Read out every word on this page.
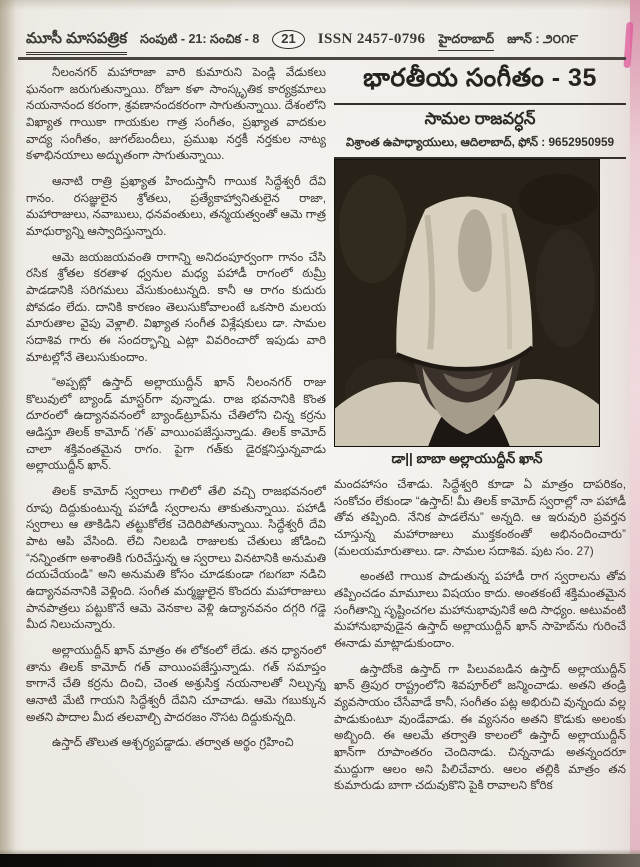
మూసీ మాసపత్రిక సంపుటి - 21: సంచిక - 8	21	ISSN 2457-0796 హైదరాబాద్ జూన్ : ౨౦౧౯

నీలంనగర్ మహారాజా వారి కుమారుని పెండ్లి వేడుకలు ఘనంగా జరుగుతున్నాయి. రోజూ కళా సాంస్కృతిక కార్యక్రమాలు నయనానంద కరంగా, శ్రవణానందకరంగా సాగుతున్నాయి. దేశంలోని విఖ్యాత గాయికా గాయకుల గాత్ర సంగీతం, ప్రఖ్యాత వాదకుల వాద్య సంగీతం, జుగల్‌బందీలు, ప్రముఖ నర్తకీ నర్తకుల నాట్య కళాభినయాలు అద్భుతంగా సాగుతున్నాయి.

ఆనాటి రాత్రి ప్రఖ్యాత హిందుస్తానీ గాయిక సిద్ధేశ్వరీ దేవి గానం. రసజ్ఞులైన శ్రోతలు, ప్రత్యేకాహ్వానితులైన రాజా, మహారాజులు, నవాబులు, ధనవంతులు, తన్మయత్వంతో ఆమె గాత్ర మాధుర్యాన్ని ఆస్వాదిస్తున్నారు.

ఆమె జయజయవంతి రాగాన్ని అనిదంపూర్వంగా గానం చేసి రసిక శ్రోతల కరతాళ ధ్వనుల మధ్య పహాడీ రాగంలో ఠుమ్రీ పాడడానికి సరిగమలు వేసుకుంటున్నది. కానీ ఆ రాగం కుదురు పోవడం లేదు. దానికి కారణం తెలుసుకోవాలంటే ఒకసారి మలయ మారుతాల వైపు వెళ్లాలి. విఖ్యాత సంగీత విశ్లేషకులు డా. సామల సదాశివ గారు ఈ సందర్భాన్ని ఎట్లా వివరించారో ఇపుడు వారి మాటల్లోనే తెలుసుకుందాం.

“అప్పట్లో ఉస్తాద్ అల్లాయుద్దీన్ ఖాన్ నీలంనగర్ రాజు కొలువులో బ్యాండ్ మాస్టర్‌గా వున్నాడు. రాజ భవనానికి కొంత దూరంలో ఉద్యానవనంలో బ్యాండ్‌ట్రూప్‌ను చేతిలోని చిన్న కర్రను ఆడిస్తూ తిలక్ కామోద్ ‘గత్’ వాయింపజేస్తున్నాడు. తిలక్ కామోద్ చాలా శక్తివంతమైన రాగం. పైగా గత్‌కు డైరక్షనిస్తున్నవాడు అల్లాయుద్దీన్ ఖాన్.

తిలక్ కామోద్ స్వరాలు గాలిలో తేలి వచ్చి రాజభవనంలో రూపు దిద్దుకుంటున్న పహాడీ స్వరాలను తాకుతున్నాయి. పహాడీ స్వరాలు ఆ తాకిడిని తట్టుకోలేక చెదిరిపోతున్నాయి. సిద్ధేశ్వరీ దేవి పాట ఆపి వేసింది. లేచి నిలబడి రాజులకు చేతులు జోడించి “నన్నింతగా అశాంతికి గురిచేస్తున్న ఆ స్వరాలు వినటానికి అనుమతి దయచేయండి” అని అనుమతి కోసం చూడకుండా గబగబా నడిచి ఉద్యానవనానికి వెళ్లింది. సంగీత మర్మజ్ఞులైన కొందరు మహారాజులు పానపాత్రలు పట్టుకొనే ఆమె వెనకాల వెళ్లి ఉద్యానవనం దగ్గరి గడ్డె మీద నిలుచున్నారు.

అల్లాయుద్దీన్ ఖాన్ మాత్రం ఈ లోకంలో లేడు. తన ధ్యానంలో తాను తిలక్ కామోద్ గత్ వాయింపజేస్తున్నాడు. గత్ సమాప్తం కాగానే చేతి కర్రను దించి, చెంత అశ్రుసిక్త నయనాలతో నిల్చున్న ఆనాటి మేటి గాయని సిద్ధేశ్వరీ దేవిని చూచాడు. ఆమె గబుక్కున అతని పాదాల మీద తలవాల్చి పాదరజం నొసట దిద్దుకున్నది.

ఉస్తాద్ తొలుత ఆశ్చర్యపడ్డాడు. తర్వాత అర్థం గ్రహించి

భారతీయ సంగీతం - 35
సామల రాజవర్ధన్
విశ్రాంత ఉపాధ్యాయులు, ఆదిలాబాద్, ఫోన్ : 9652950959
డా|| బాబా అల్లాయుద్దీన్ ఖాన్

మందహాసం చేశాడు. సిద్ధేశ్వరి కూడా ఏ మాత్రం దాపరికం, సంకోచం లేకుండా “ఉస్తాద్! మీ తిలక్ కామోద్ స్వరాల్లో నా పహాడీ తోవ తప్పింది. నేనిక పాడలేను” అన్నది. ఆ ఇరువురి ప్రవర్తన చూస్తున్న మహారాజులు ముక్తకంఠంతో అభినందించారు” (మలయమారుతాలు. డా. సామల సదాశివ. పుట సం. 27)

అంతటి గాయిక పాడుతున్న పహాడీ రాగ స్వరాలను తోవ తప్పించడం మామూలు విషయం కాదు. అంతకంటే శక్తిమంతమైన సంగీతాన్ని సృష్టించగల మహానుభావునికే అది సాధ్యం. అటువంటి మహానుభావుడైన ఉస్తాద్ అల్లాయుద్దీన్ ఖాన్ సాహెబ్‌ను గురించే ఈనాడు మాట్లాడుకుందాం.

ఉస్తాదోంకె ఉస్తాద్ గా పిలువబడిన ఉస్తాద్ అల్లాయుద్దీన్ ఖాన్ త్రిపుర రాష్ట్రంలోని శివపూర్‌లో జన్మించాడు. అతని తండ్రి వ్యవసాయం చేసేవాడే కానీ, సంగీతం పట్ల అభిరుచి వున్నందు వల్ల పాడుకుంటూ వుండేవాడు. ఈ వ్యసనం అతని కొడుకు అలంకు అబ్బింది. ఈ ఆలమే తర్వాతి కాలంలో ఉస్తాద్ అల్లాయుద్దీన్ ఖాన్‌గా రూపాంతరం చెందినాడు. చిన్ననాడు అతన్నందరూ ముద్దుగా ఆలం అని పిలిచేవారు. ఆలం తల్లికి మాత్రం తన కుమారుడు బాగా చదువుకొని పైకి రావాలని కోరిక
